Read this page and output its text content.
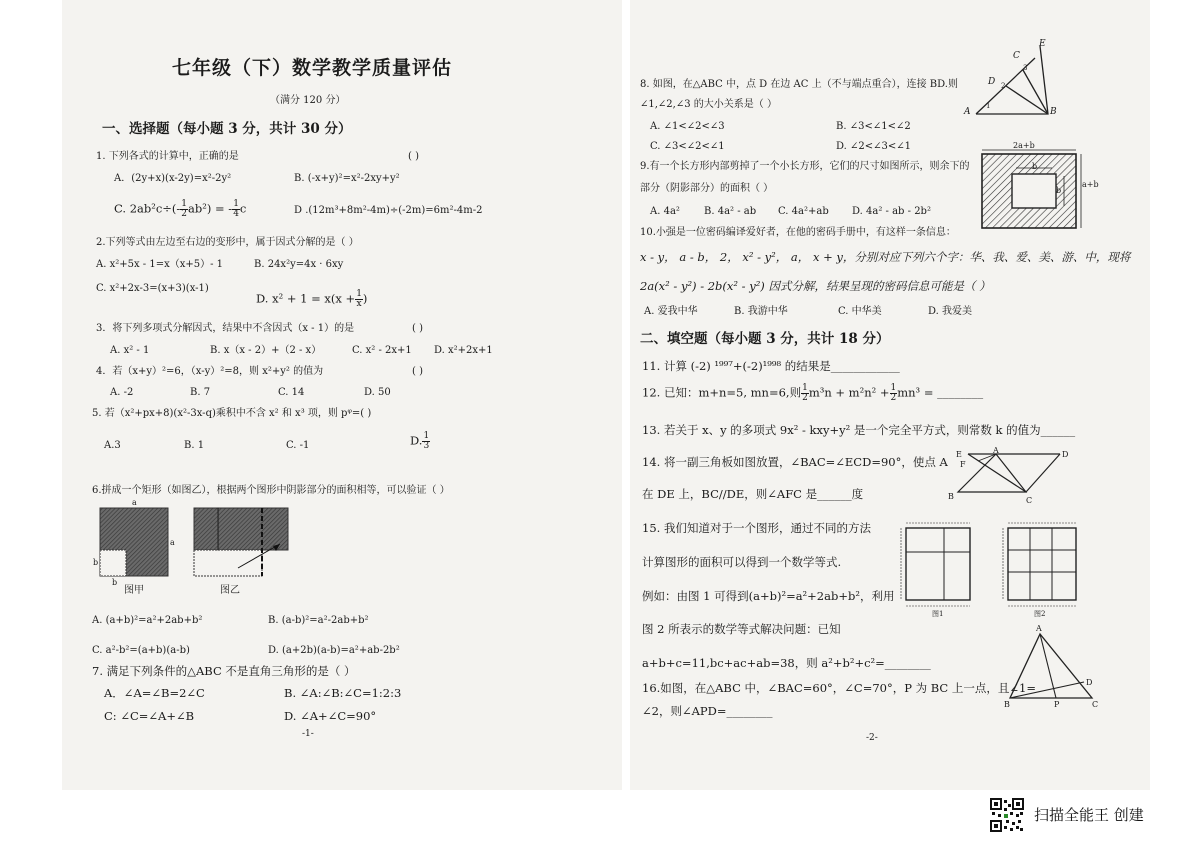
七年级（下）数学教学质量评估
（满分 120 分）
一、选择题（每小题 3 分，共计 30 分）
1. 下列各式的计算中，正确的是	( )
A．(2y+x)(x-2y)=x²-2y²	B. (-x+y)²=x²-2xy+y²
C. $2ab^2c\div(- \frac{1}{2} ab^2)$ = - $\frac{1}{4}$ c	D .(12m³+8m²-4m)÷(-2m)=6m²-4m-2
2.下列等式由左边至右边的变形中，属于因式分解的是（ ）
A. x²+5x - 1=x（x+5）- 1	B. 24x²y=4x · 6xy
C. x²+2x-3=(x+3)(x-1)
D. $x^2 + 1 = x(x + \frac{1}{x}$ )
3．将下列多项式分解因式，结果中不含因式（x - 1）的是	( )
A. x² - 1	B. x（x - 2）+（2 - x）	C. x² - 2x+1 D. x²+2x+1
4．若（x+y）²=6，（x-y）²=8，则 x²+y² 的值为	( )
A. -2	B. 7	C. 14	D. 50
5. 若（x²+px+8)(x²-3x-q)乘积中不含 x² 和 x³ 项，则 pᵠ=( )
A.3	B. 1	C. -1	D. $\frac{1}{3}$
6.拼成一个矩形（如图乙），根据两个图形中阴影部分的面积相等，可以验证（ ）
a
a
b
b
图甲	图乙
A. (a+b)²=a²+2ab+b²	B. (a-b)²=a²-2ab+b²
C. a²-b²=(a+b)(a-b)	D. (a+2b)(a-b)=a²+ab-2b²
7. 满足下列条件的△ABC 不是直角三角形的是（ ）
A．∠A=∠B=2∠C	B. ∠A:∠B:∠C=1:2:3
C: ∠C=∠A+∠B	D. ∠A+∠C=90°
-1-
8. 如图，在△ABC 中，点 D 在边 AC 上（不与端点重合），连接 BD.则
∠1,∠2,∠3 的大小关系是（ ）
A. ∠1<∠2<∠3	B. ∠3<∠1<∠2
C. ∠3<∠2<∠1	D. ∠2<∠3<∠1
A	B
C
D
E
1
2
3
9.有一个长方形内部剪掉了一个小长方形，它们的尺寸如图所示，则余下的
部分（阴影部分）的面积（ ）
A. 4a² B. 4a² - ab C. 4a²+ab D. 4a² - ab - 2b²
2a+b
a+b
b
b
10.小强是一位密码编译爱好者，在他的密码手册中，有这样一条信息：
x - y， a - b， 2， x² - y²， a， x + y，分别对应下列六个字：华、我、爱、美、游、中，现将
2a(x² - y²) - 2b(x² - y²) 因式分解，结果呈现的密码信息可能是（ ）
A. 爱我中华	B. 我游中华	C. 中华美	D. 我爱美
二、填空题（每小题 3 分，共计 18 分）
11. 计算 (-2) ¹⁹⁹⁷+(-2)¹⁹⁹⁸ 的结果是____________
12. 已知：m+n=5, mn=6,则 $\frac{1}{2} m^3n + m^2n^2 + \frac{1}{2} mn^3$ = ________
13. 若关于 x、y 的多项式 9x² - kxy+y² 是一个完全平方式，则常数 k 的值为______
14. 将一副三角板如图放置，∠BAC=∠ECD=90°，使点 A
在 DE 上，BC//DE，则∠AFC 是______度
E
F
A	D
B	C
15. 我们知道对于一个图形，通过不同的方法
计算图形的面积可以得到一个数学等式.
例如：由图 1 可得到(a+b)²=a²+2ab+b²，利用
图 2 所表示的数学等式解决问题：已知
a+b+c=11,bc+ac+ab=38，则 a²+b²+c²=________
图1	图2
16.如图，在△ABC 中，∠BAC=60°，∠C=70°，P 为 BC 上一点，且∠1=
∠2，则∠APD=________
A
B	P	C
D
-2-
扫描全能王 创建
